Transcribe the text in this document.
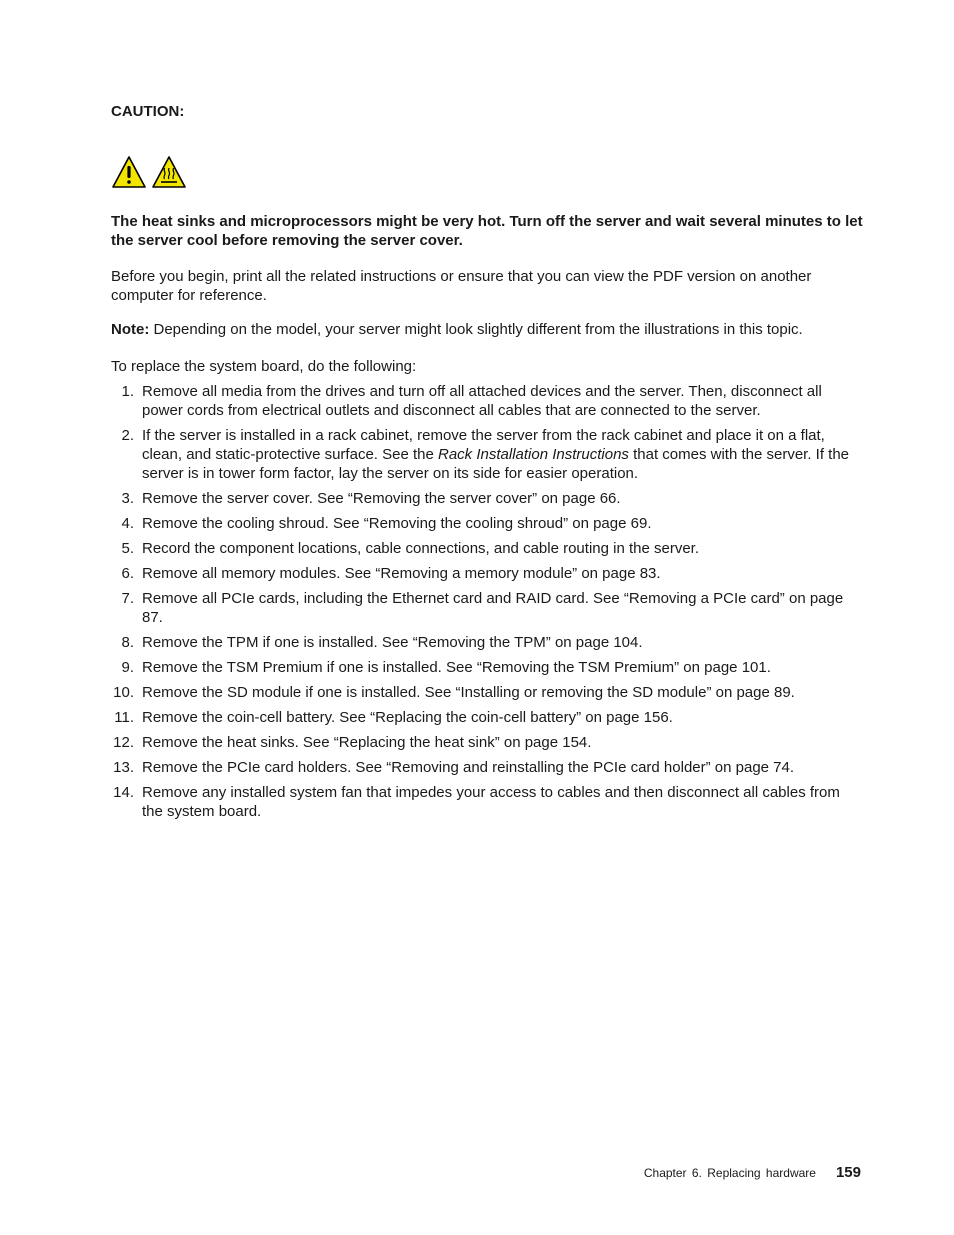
CAUTION:

The heat sinks and microprocessors might be very hot. Turn off the server and wait several minutes to let the server cool before removing the server cover.

Before you begin, print all the related instructions or ensure that you can view the PDF version on another computer for reference.

Note: Depending on the model, your server might look slightly different from the illustrations in this topic.

To replace the system board, do the following:

1. Remove all media from the drives and turn off all attached devices and the server. Then, disconnect all power cords from electrical outlets and disconnect all cables that are connected to the server.
2. If the server is installed in a rack cabinet, remove the server from the rack cabinet and place it on a flat, clean, and static-protective surface. See the Rack Installation Instructions that comes with the server. If the server is in tower form factor, lay the server on its side for easier operation.
3. Remove the server cover. See “Removing the server cover” on page 66.
4. Remove the cooling shroud. See “Removing the cooling shroud” on page 69.
5. Record the component locations, cable connections, and cable routing in the server.
6. Remove all memory modules. See “Removing a memory module” on page 83.
7. Remove all PCIe cards, including the Ethernet card and RAID card. See “Removing a PCIe card” on page 87.
8. Remove the TPM if one is installed. See “Removing the TPM” on page 104.
9. Remove the TSM Premium if one is installed. See “Removing the TSM Premium” on page 101.
10. Remove the SD module if one is installed. See “Installing or removing the SD module” on page 89.
11. Remove the coin-cell battery. See “Replacing the coin-cell battery” on page 156.
12. Remove the heat sinks. See “Replacing the heat sink” on page 154.
13. Remove the PCIe card holders. See “Removing and reinstalling the PCIe card holder” on page 74.
14. Remove any installed system fan that impedes your access to cables and then disconnect all cables from the system board.
Chapter 6. Replacing hardware 159
